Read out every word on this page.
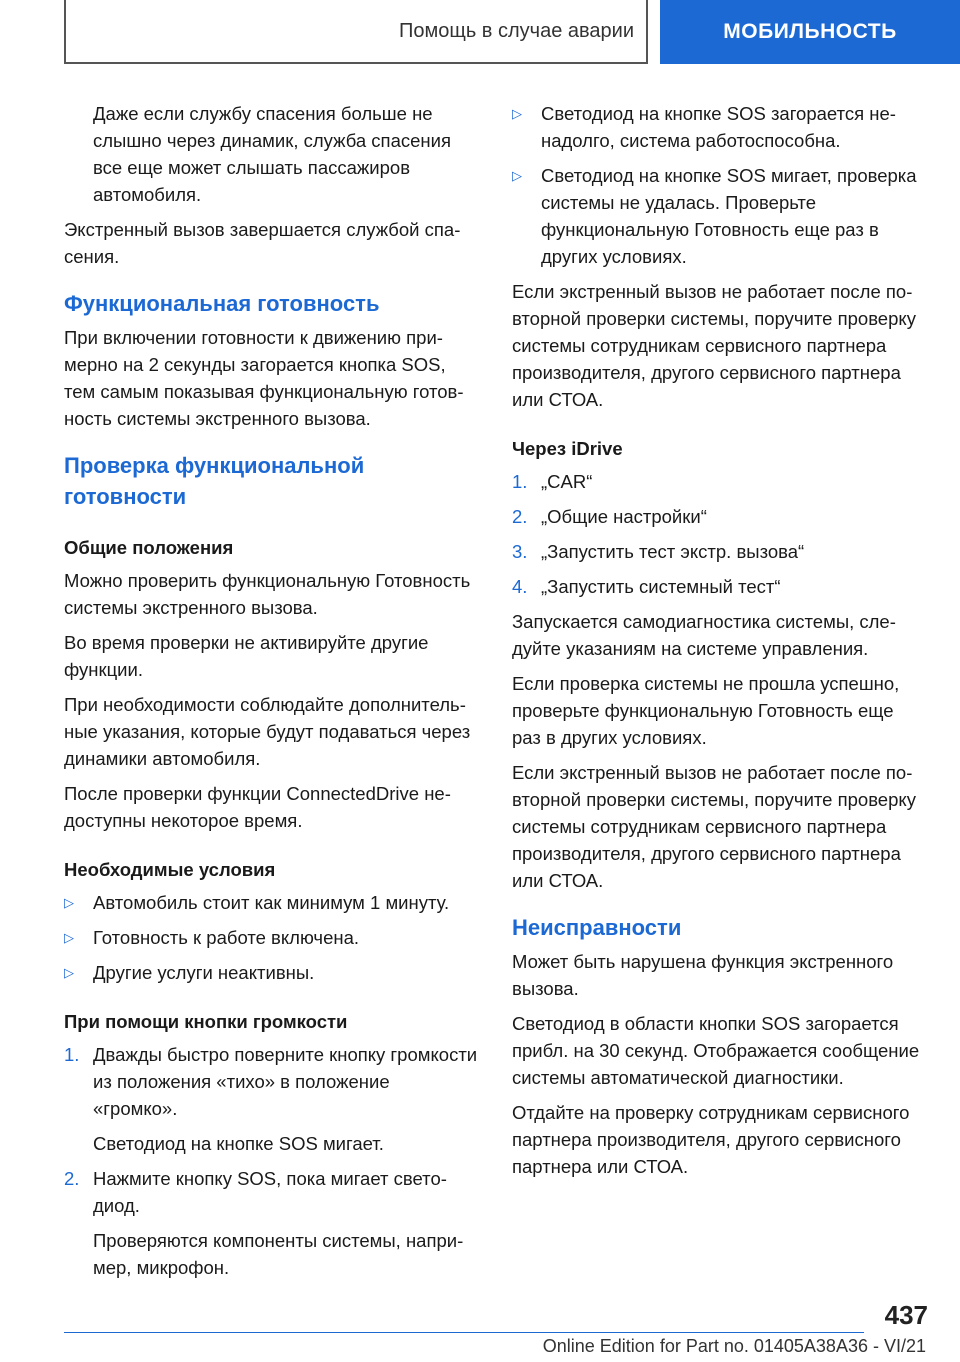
Помощь в случае аварии	МОБИЛЬНОСТЬ

Даже если службу спасения больше не слышно через динамик, служба спасения все еще может слышать пассажиров автомобиля.

Экстренный вызов завершается службой спасения.

Функциональная готовность

При включении готовности к движению примерно на 2 секунды загорается кнопка SOS, тем самым показывая функциональную готовность системы экстренного вызова.

Проверка функциональной готовности
Общие положения

Можно проверить функциональную Готовность системы экстренного вызова.

Во время проверки не активируйте другие функции.

При необходимости соблюдайте дополнительные указания, которые будут подаваться через динамики автомобиля.

После проверки функции ConnectedDrive недоступны некоторое время.

Необходимые условия
▷	Автомобиль стоит как минимум 1 минуту.
▷	Готовность к работе включена.
▷	Другие услуги неактивны.
При помощи кнопки громкости
1. Дважды быстро поверните кнопку громкости из положения «тихо» в положение «громко».
Светодиод на кнопке SOS мигает.
2. Нажмите кнопку SOS, пока мигает светодиод.
Проверяются компоненты системы, например, микрофон.
▷	Светодиод на кнопке SOS загорается ненадолго, система работоспособна.
▷	Светодиод на кнопке SOS мигает, проверка системы не удалась. Проверьте функциональную Готовность еще раз в других условиях.

Если экстренный вызов не работает после повторной проверки системы, поручите проверку системы сотрудникам сервисного партнера производителя, другого сервисного партнера или СТОА.

Через iDrive
1. „CAR“
2. „Общие настройки“
3. „Запустить тест экстр. вызова“
4. „Запустить системный тест“

Запускается самодиагностика системы, следуйте указаниям на системе управления.

Если проверка системы не прошла успешно, проверьте функциональную Готовность еще раз в других условиях.

Если экстренный вызов не работает после повторной проверки системы, поручите проверку системы сотрудникам сервисного партнера производителя, другого сервисного партнера или СТОА.

Неисправности

Может быть нарушена функция экстренного вызова.

Светодиод в области кнопки SOS загорается прибл. на 30 секунд. Отображается сообщение системы автоматической диагностики.

Отдайте на проверку сотрудникам сервисного партнера производителя, другого сервисного партнера или СТОА.

437
Online Edition for Part no. 01405A38A36 - VI/21
